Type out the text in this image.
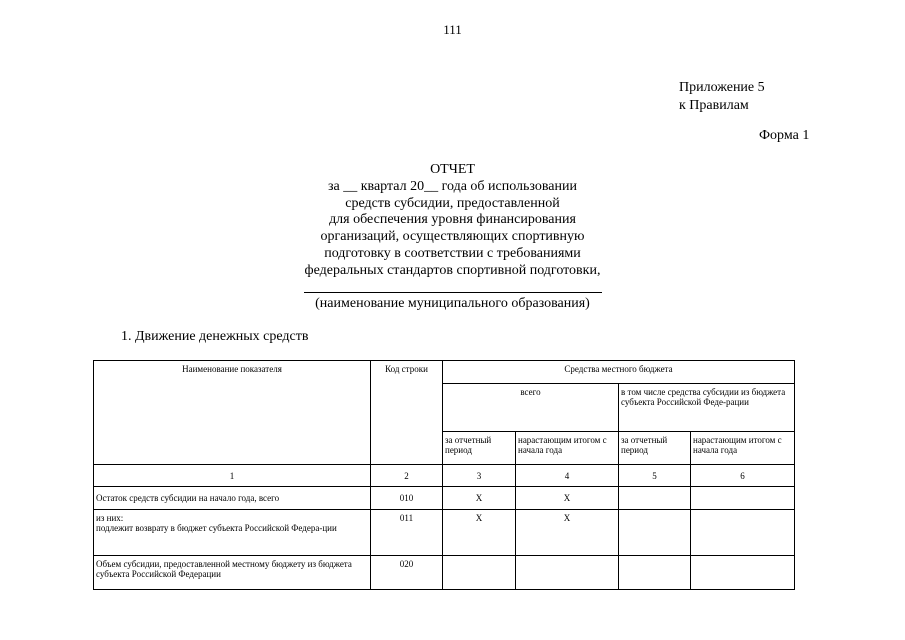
111
Приложение 5
к Правилам
Форма 1
ОТЧЕТ
за __ квартал 20__ года об использовании
средств субсидии, предоставленной
для обеспечения уровня финансирования
организаций, осуществляющих спортивную
подготовку в соответствии с требованиями
федеральных стандартов спортивной подготовки,
(наименование муниципального образования)
1. Движение денежных средств
Наименование показателя	Код строки	Средства местного бюджета			
		всего		в том числе средства субсидии из бюджета субъекта Российской Феде-рации	
		за отчетный период	нарастающим итогом с начала года	за отчетный период	нарастающим итогом с начала года
1	2	3	4	5	6
Остаток средств субсидии на начало года, всего	010	X	X		

из них:
подлежит возврату в бюджет субъекта Российской Федера-ции	011	X	X		
Объем субсидии, предоставленной местному бюджету из бюджета субъекта Российской Федерации	020				
